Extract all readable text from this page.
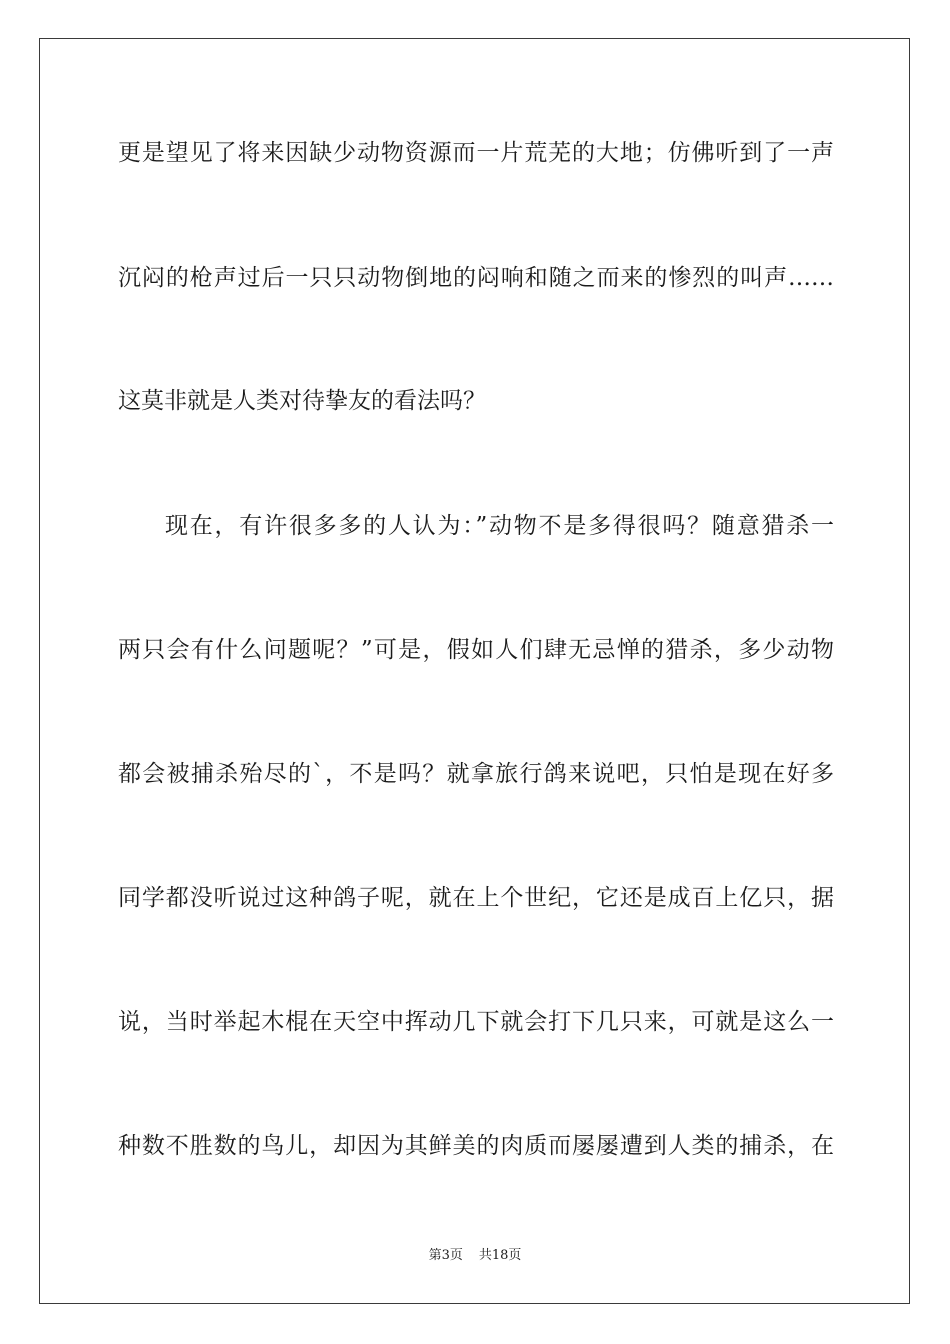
更是望见了将来因缺少动物资源而一片荒芜的大地；仿佛听到了一声
沉闷的枪声过后一只只动物倒地的闷响和随之而来的惨烈的叫声……
这莫非就是人类对待挚友的看法吗？
现在，有许很多多的人认为：”动物不是多得很吗？随意猎杀一
两只会有什么问题呢？”可是，假如人们肆无忌惮的猎杀，多少动物
都会被捕杀殆尽的`，不是吗？就拿旅行鸽来说吧，只怕是现在好多
同学都没听说过这种鸽子呢，就在上个世纪，它还是成百上亿只，据
说，当时举起木棍在天空中挥动几下就会打下几只来，可就是这么一
种数不胜数的鸟儿，却因为其鲜美的肉质而屡屡遭到人类的捕杀，在
第3页 共18页
